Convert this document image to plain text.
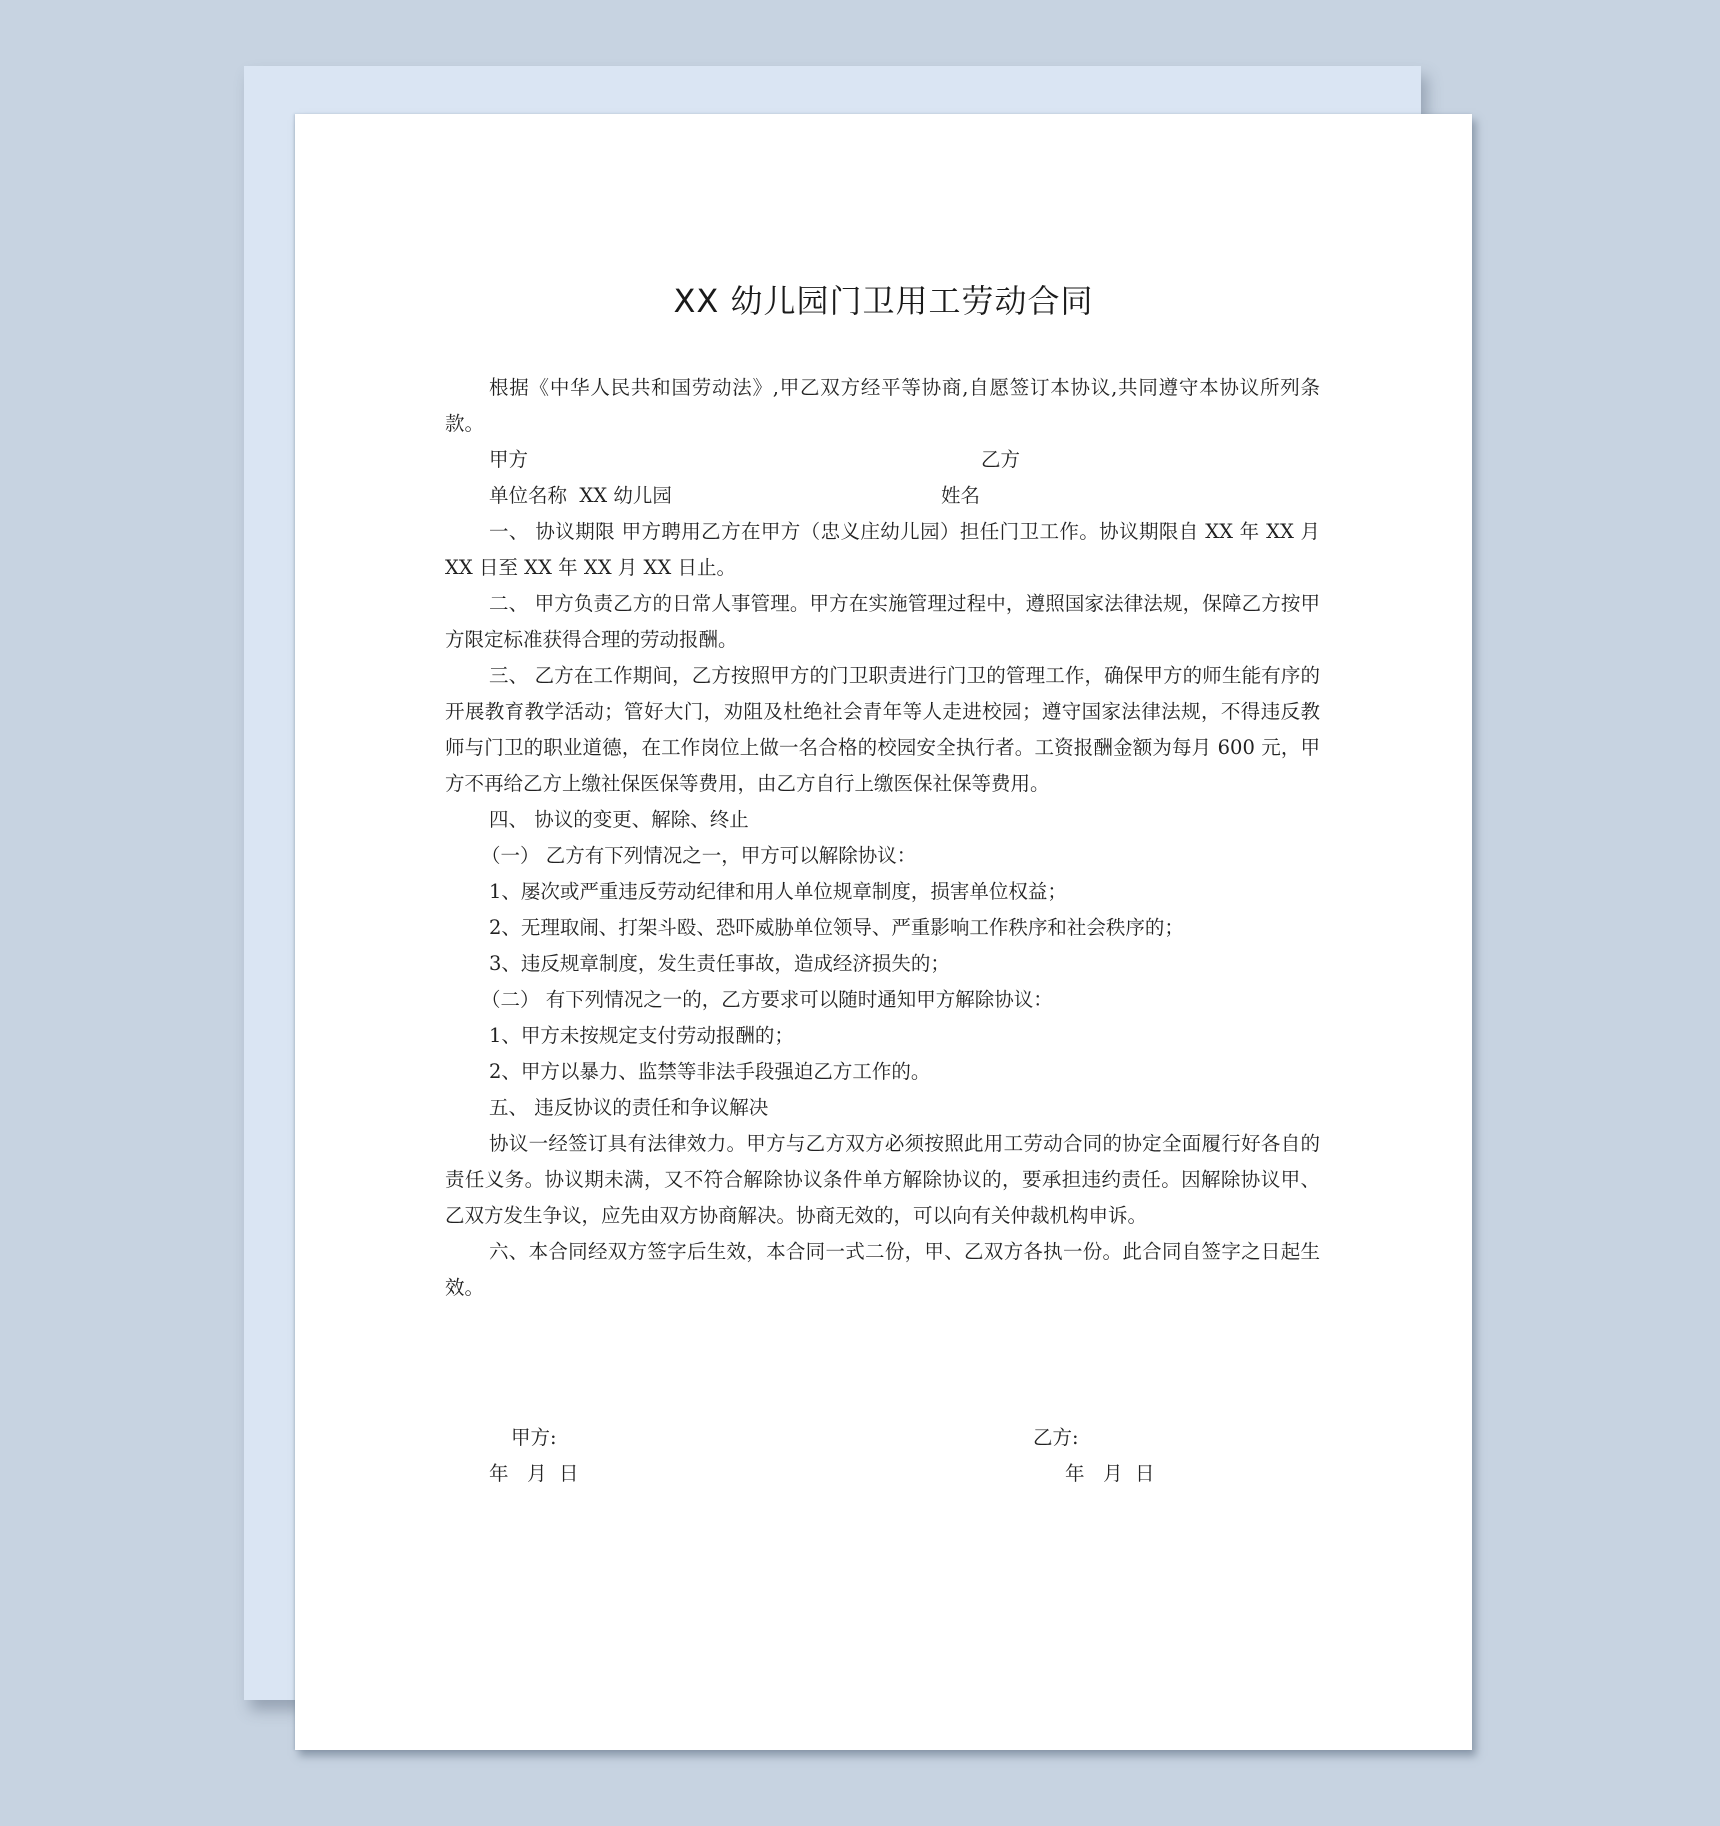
XX 幼儿园门卫用工劳动合同

根据《中华人民共和国劳动法》,甲乙双方经平等协商,自愿签订本协议,共同遵守本协议所列条款。

甲方	乙方
单位名称  XX 幼儿园	姓名

一、 协议期限 甲方聘用乙方在甲方（忠义庄幼儿园）担任门卫工作。协议期限自 XX 年 XX 月 XX 日至 XX 年 XX 月 XX 日止。

二、 甲方负责乙方的日常人事管理。甲方在实施管理过程中，遵照国家法律法规，保障乙方按甲方限定标准获得合理的劳动报酬。

三、 乙方在工作期间，乙方按照甲方的门卫职责进行门卫的管理工作，确保甲方的师生能有序的开展教育教学活动；管好大门，劝阻及杜绝社会青年等人走进校园；遵守国家法律法规，不得违反教师与门卫的职业道德，在工作岗位上做一名合格的校园安全执行者。工资报酬金额为每月 600 元，甲方不再给乙方上缴社保医保等费用，由乙方自行上缴医保社保等费用。

四、 协议的变更、解除、终止

（一） 乙方有下列情况之一，甲方可以解除协议：

1、屡次或严重违反劳动纪律和用人单位规章制度，损害单位权益；

2、无理取闹、打架斗殴、恐吓威胁单位领导、严重影响工作秩序和社会秩序的；

3、违反规章制度，发生责任事故，造成经济损失的；

（二） 有下列情况之一的，乙方要求可以随时通知甲方解除协议：

1、甲方未按规定支付劳动报酬的；

2、甲方以暴力、监禁等非法手段强迫乙方工作的。

五、 违反协议的责任和争议解决

协议一经签订具有法律效力。甲方与乙方双方必须按照此用工劳动合同的协定全面履行好各自的责任义务。协议期未满，又不符合解除协议条件单方解除协议的，要承担违约责任。因解除协议甲、乙双方发生争议，应先由双方协商解决。协商无效的，可以向有关仲裁机构申诉。

六、本合同经双方签字后生效，本合同一式二份，甲、乙双方各执一份。此合同自签字之日起生效。

甲方:	乙方:
年   月  日	年   月  日
